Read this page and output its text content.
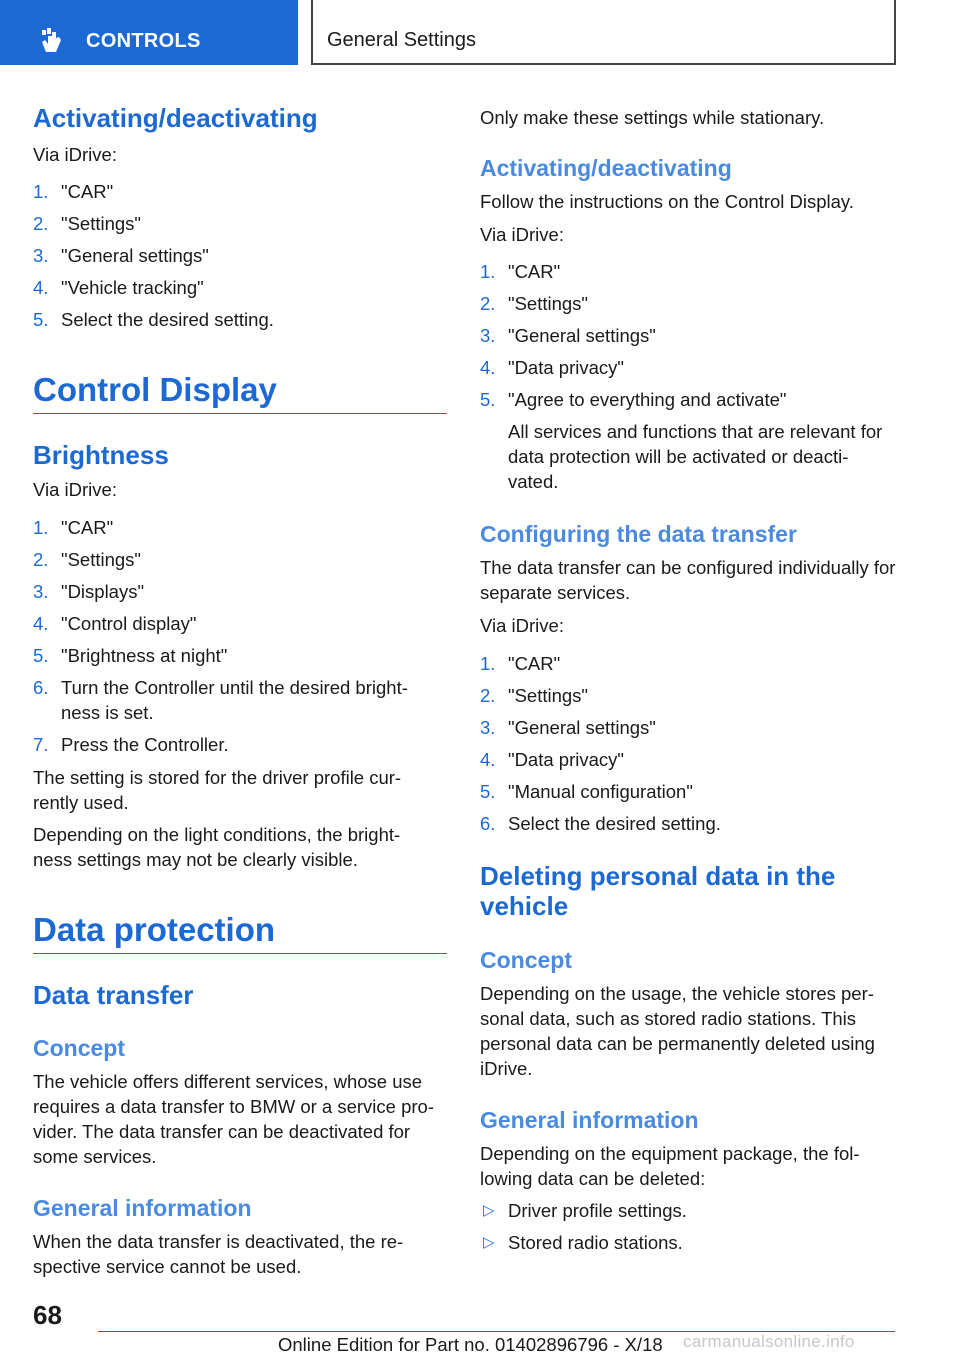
CONTROLS	General Settings
Activating/deactivating
Via iDrive:
1. "CAR"
2. "Settings"
3. "General settings"
4. "Vehicle tracking"
5. Select the desired setting.
Control Display
Brightness
Via iDrive:
1. "CAR"
2. "Settings"
3. "Displays"
4. "Control display"
5. "Brightness at night"
6. Turn the Controller until the desired bright‐ ness is set.
7. Press the Controller.
The setting is stored for the driver profile cur‐ rently used.
Depending on the light conditions, the bright‐ ness settings may not be clearly visible.
Data protection
Data transfer
Concept
The vehicle offers different services, whose use requires a data transfer to BMW or a service pro‐ vider. The data transfer can be deactivated for some services.
General information
When the data transfer is deactivated, the re‐ spective service cannot be used.
Only make these settings while stationary.
Activating/deactivating
Follow the instructions on the Control Display.
Via iDrive:
1. "CAR"
2. "Settings"
3. "General settings"
4. "Data privacy"
5. "Agree to everything and activate"
All services and functions that are relevant for data protection will be activated or deacti‐ vated.
Configuring the data transfer
The data transfer can be configured individually for separate services.
Via iDrive:
1. "CAR"
2. "Settings"
3. "General settings"
4. "Data privacy"
5. "Manual configuration"
6. Select the desired setting.
Deleting personal data in the vehicle
Concept
Depending on the usage, the vehicle stores per‐ sonal data, such as stored radio stations. This personal data can be permanently deleted using iDrive.
General information
Depending on the equipment package, the fol‐ lowing data can be deleted:
▷ Driver profile settings.
▷ Stored radio stations.
68
Online Edition for Part no. 01402896796 - X/18 carmanualsonline.info
